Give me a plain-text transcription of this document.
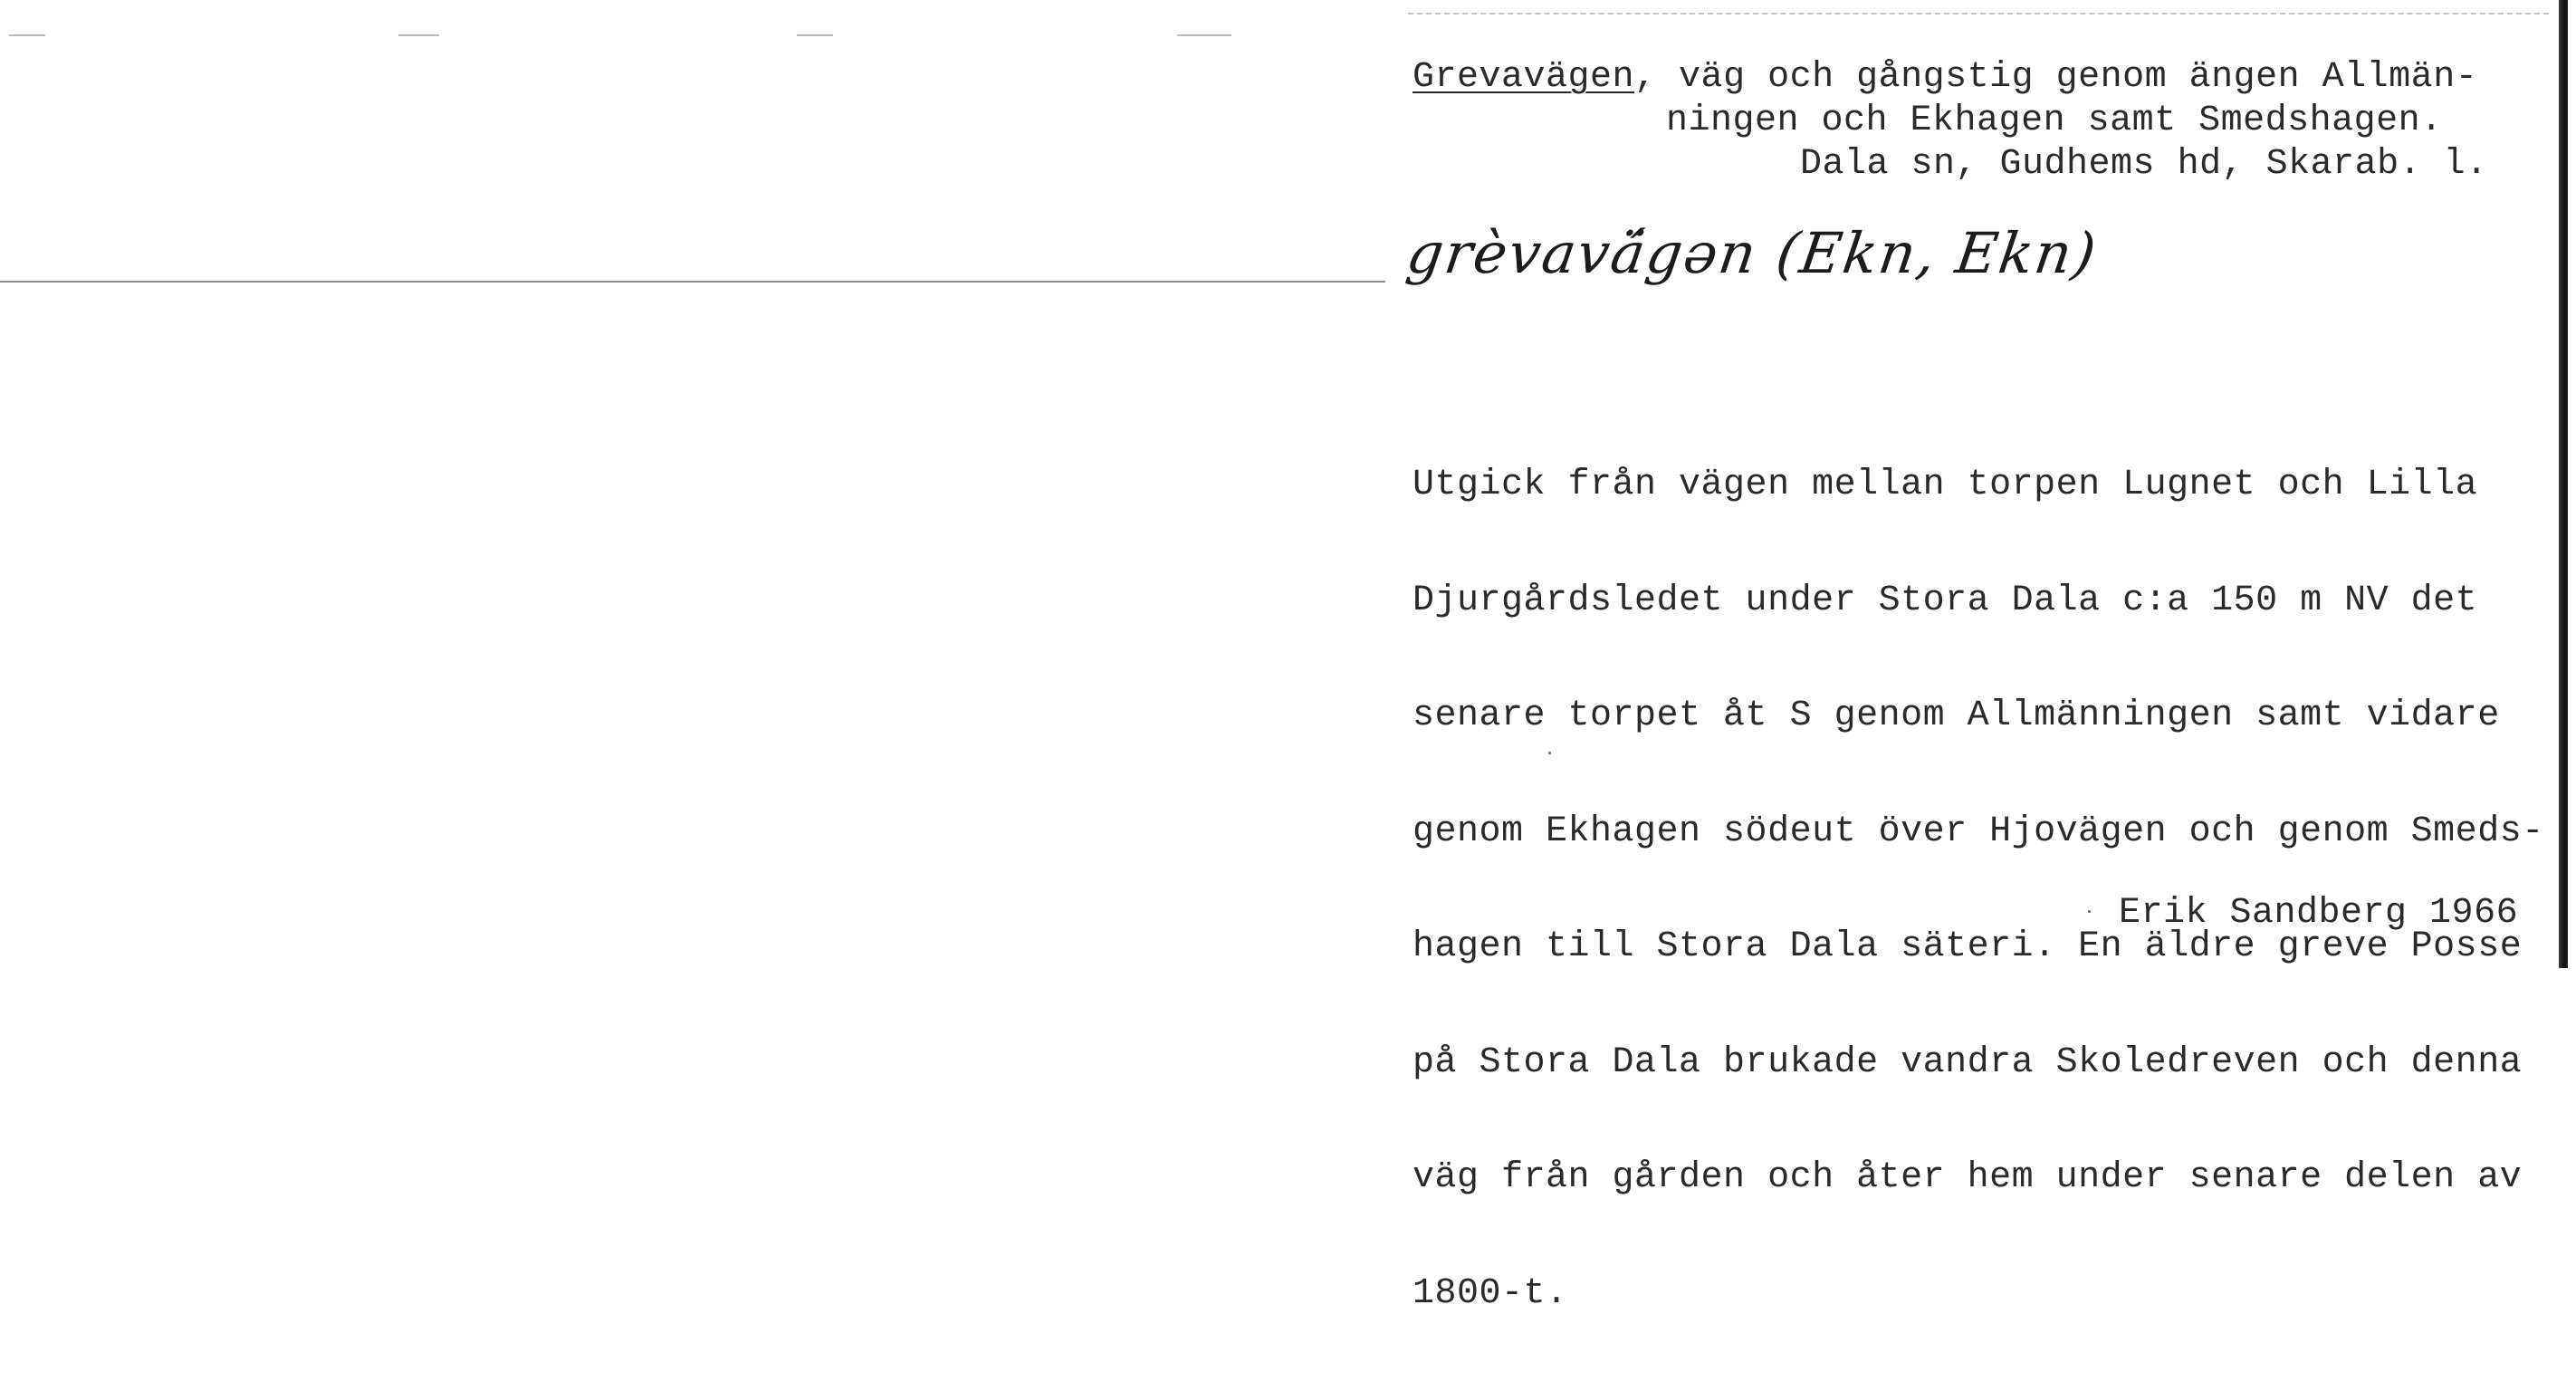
Grevavägen, väg och gångstig genom ängen Allmän-
ningen och Ekhagen samt Smedshagen.
Dala sn, Gudhems hd, Skarab. l.
grèvavä́gən (Ekn, Ekn)

Utgick från vägen mellan torpen Lugnet och Lilla

Djurgårdsledet under Stora Dala c:a 150 m NV det

senare torpet åt S genom Allmänningen samt vidare

genom Ekhagen södeut över Hjovägen och genom Smeds-

hagen till Stora Dala säteri. En äldre greve Posse

på Stora Dala brukade vandra Skoledreven och denna

väg från gården och åter hem under senare delen av

1800-t.

Erik Sandberg 1966
